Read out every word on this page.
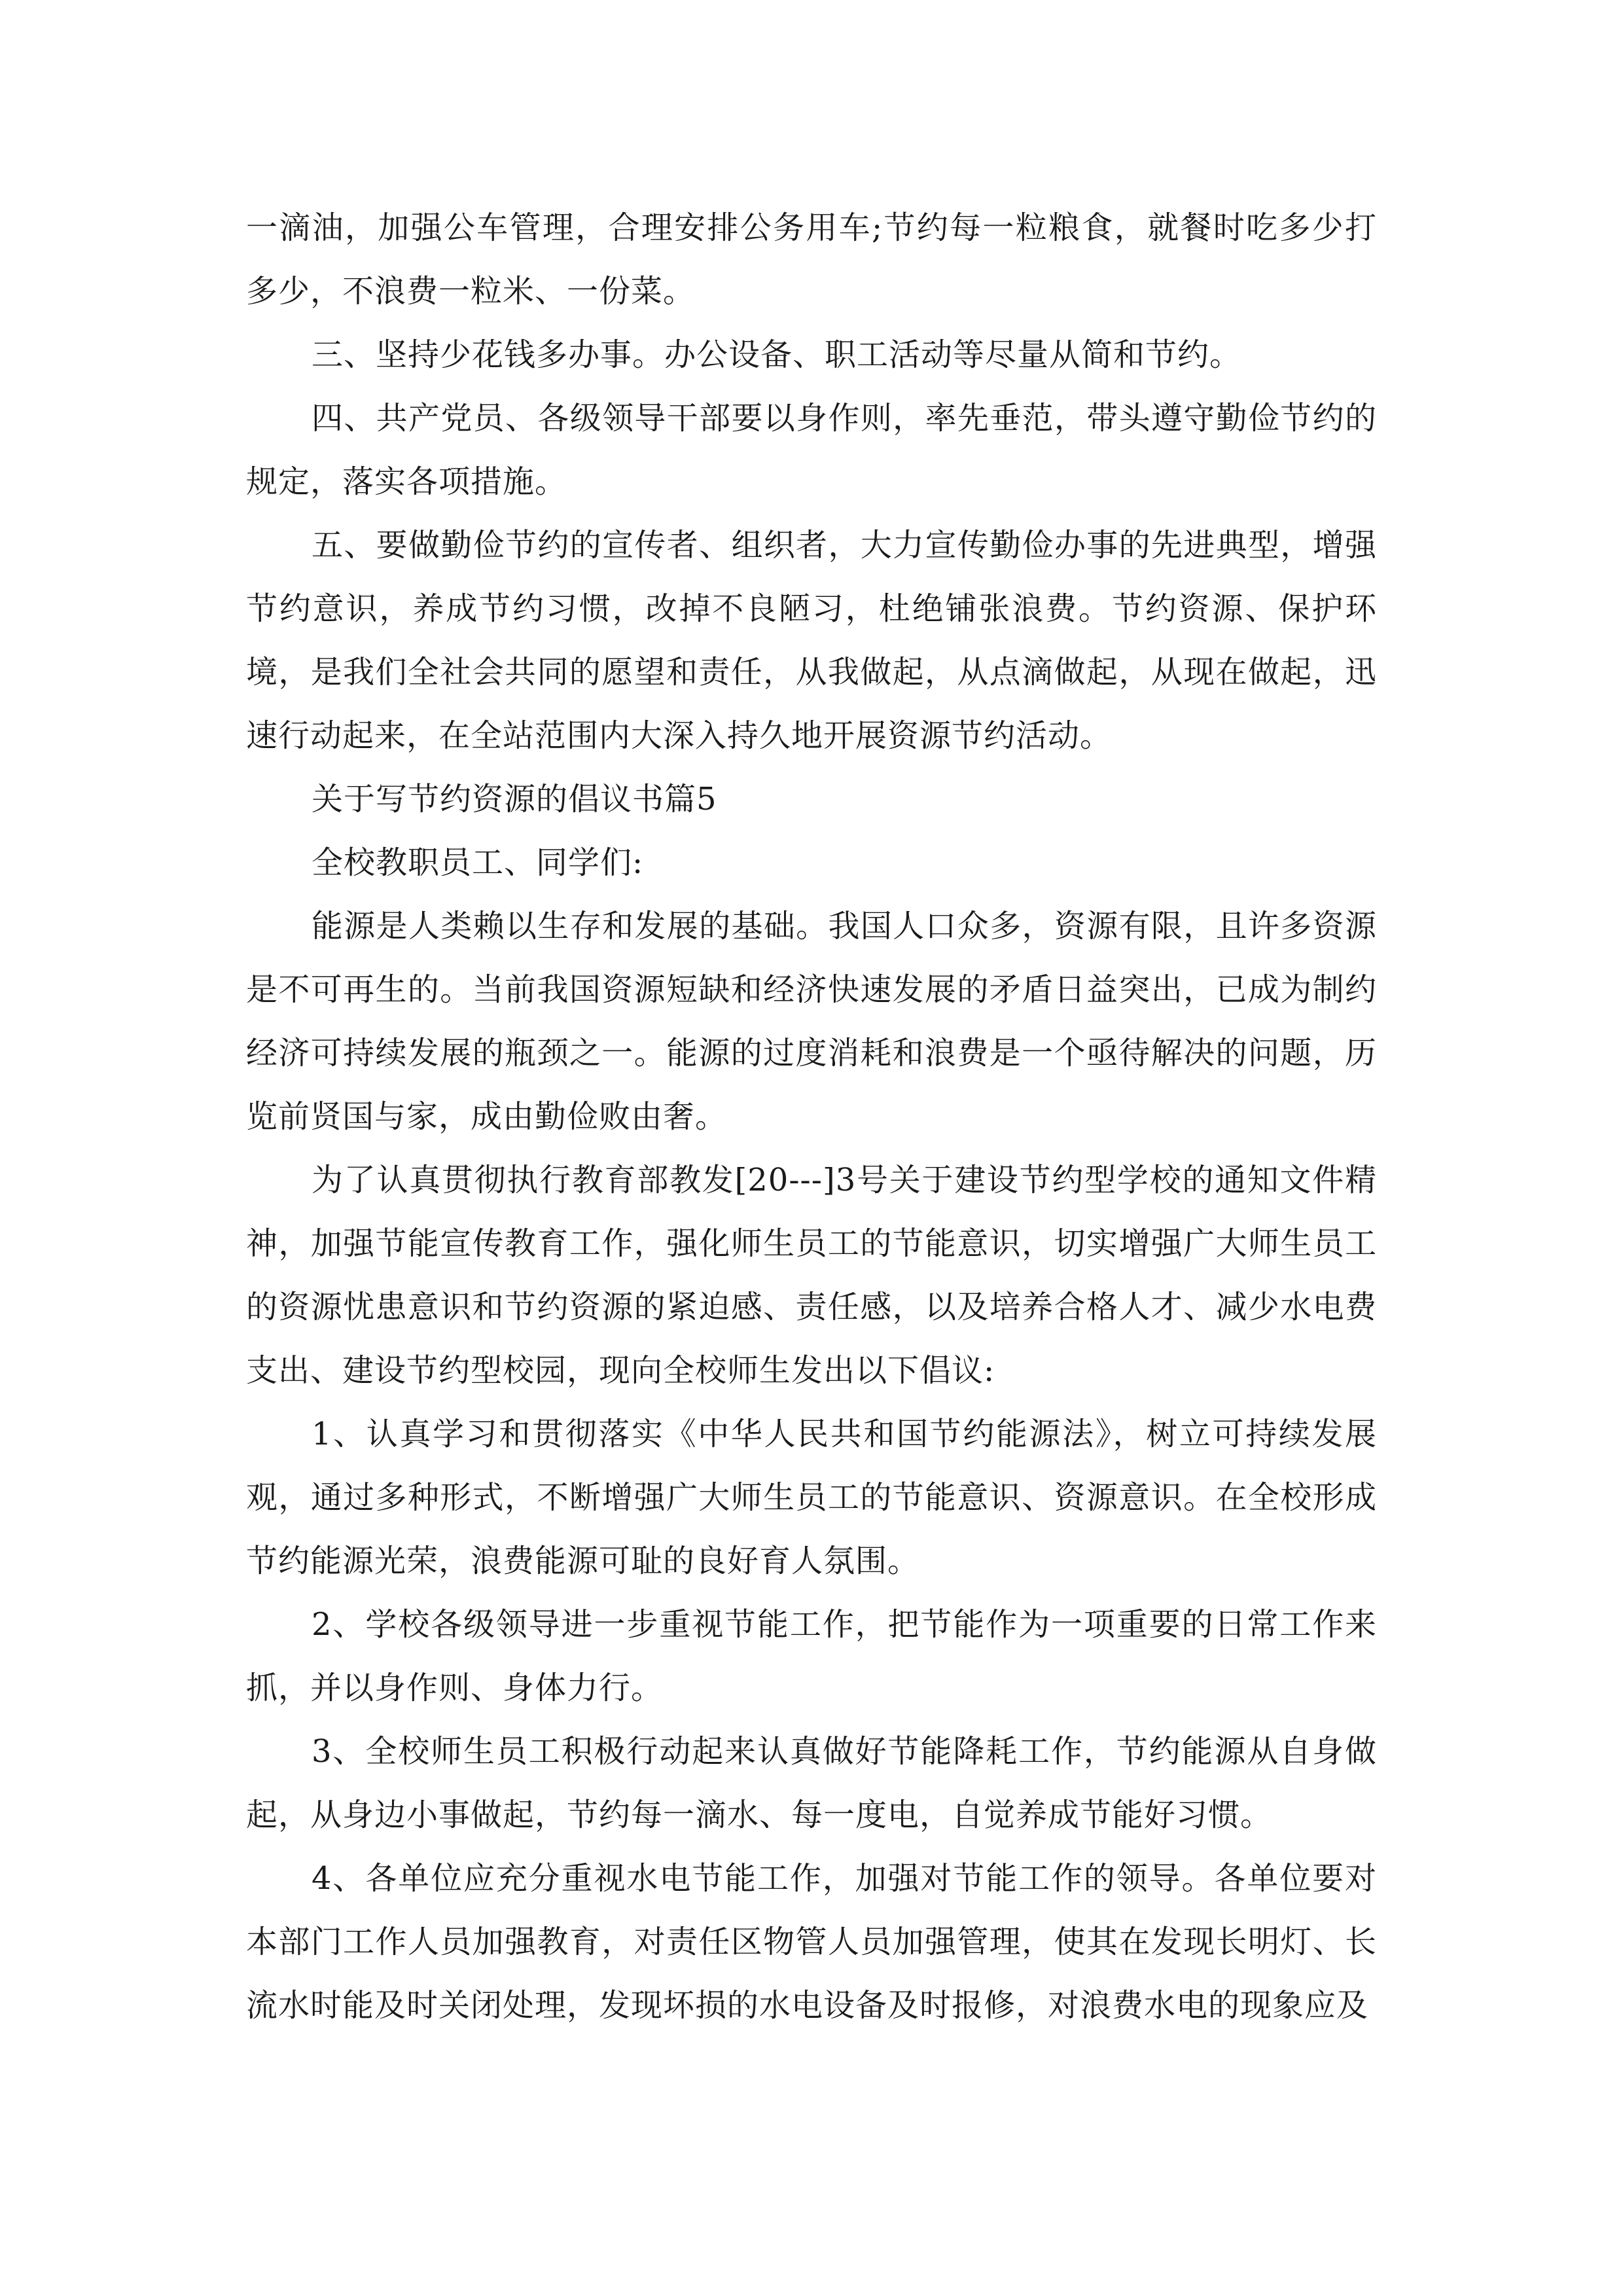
一滴油，加强公车管理，合理安排公务用车;节约每一粒粮食，就餐时吃多少打多少，不浪费一粒米、一份菜。

三、坚持少花钱多办事。办公设备、职工活动等尽量从简和节约。

四、共产党员、各级领导干部要以身作则，率先垂范，带头遵守勤俭节约的规定，落实各项措施。

五、要做勤俭节约的宣传者、组织者，大力宣传勤俭办事的先进典型，增强节约意识，养成节约习惯，改掉不良陋习，杜绝铺张浪费。节约资源、保护环境，是我们全社会共同的愿望和责任，从我做起，从点滴做起，从现在做起，迅速行动起来，在全站范围内大深入持久地开展资源节约活动。

关于写节约资源的倡议书篇5

全校教职员工、同学们:

能源是人类赖以生存和发展的基础。我国人口众多，资源有限，且许多资源是不可再生的。当前我国资源短缺和经济快速发展的矛盾日益突出，已成为制约经济可持续发展的瓶颈之一。能源的过度消耗和浪费是一个亟待解决的问题，历览前贤国与家，成由勤俭败由奢。

为了认真贯彻执行教育部教发[20---]3号关于建设节约型学校的通知文件精神，加强节能宣传教育工作，强化师生员工的节能意识，切实增强广大师生员工的资源忧患意识和节约资源的紧迫感、责任感，以及培养合格人才、减少水电费支出、建设节约型校园，现向全校师生发出以下倡议:

1、认真学习和贯彻落实《中华人民共和国节约能源法》，树立可持续发展观，通过多种形式，不断增强广大师生员工的节能意识、资源意识。在全校形成节约能源光荣，浪费能源可耻的良好育人氛围。

2、学校各级领导进一步重视节能工作，把节能作为一项重要的日常工作来抓，并以身作则、身体力行。

3、全校师生员工积极行动起来认真做好节能降耗工作，节约能源从自身做起，从身边小事做起，节约每一滴水、每一度电，自觉养成节能好习惯。

4、各单位应充分重视水电节能工作，加强对节能工作的领导。各单位要对本部门工作人员加强教育，对责任区物管人员加强管理，使其在发现长明灯、长流水时能及时关闭处理，发现坏损的水电设备及时报修，对浪费水电的现象应及
